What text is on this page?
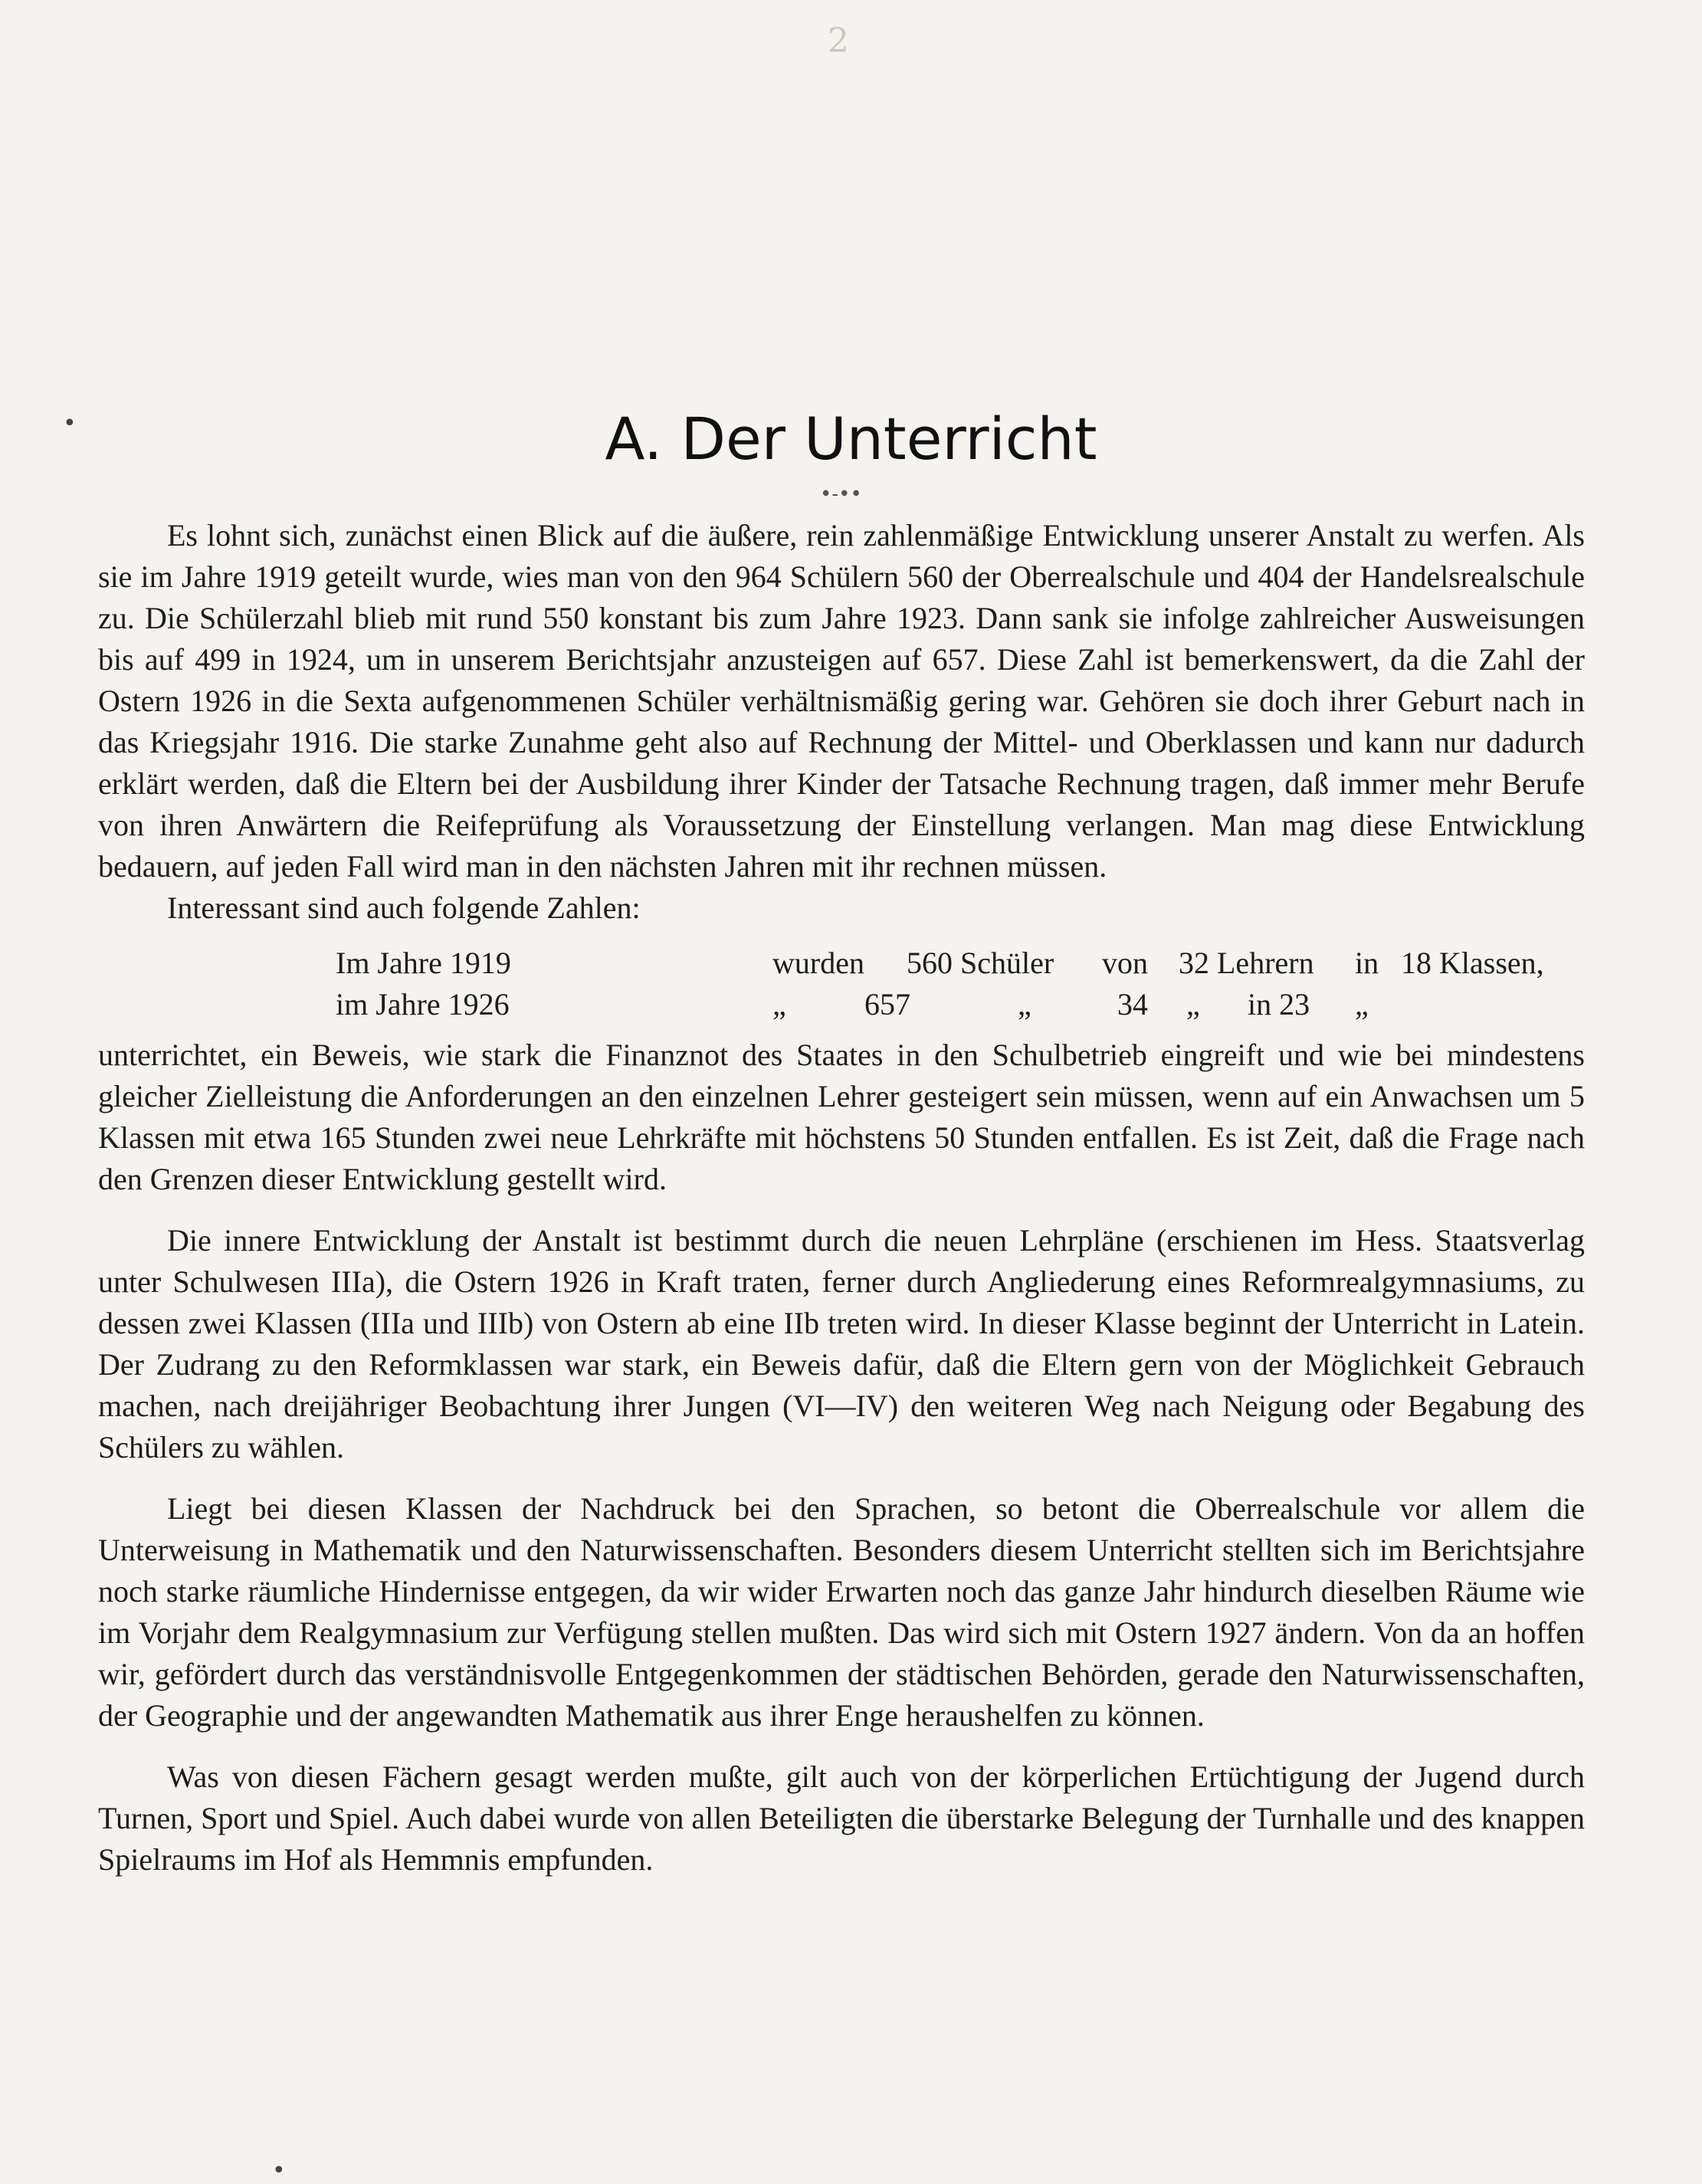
2
A. Der Unterricht
•-••

Es lohnt sich, zunächst einen Blick auf die äußere, rein zahlenmäßige Entwicklung unserer Anstalt zu werfen. Als sie im Jahre 1919 geteilt wurde, wies man von den 964 Schülern 560 der Oberrealschule und 404 der Handelsrealschule zu. Die Schülerzahl blieb mit rund 550 konstant bis zum Jahre 1923. Dann sank sie infolge zahlreicher Ausweisungen bis auf 499 in 1924, um in unserem Berichtsjahr anzusteigen auf 657. Diese Zahl ist bemerkenswert, da die Zahl der Ostern 1926 in die Sexta aufgenommenen Schüler verhältnismäßig gering war. Gehören sie doch ihrer Geburt nach in das Kriegsjahr 1916. Die starke Zunahme geht also auf Rechnung der Mittel- und Oberklassen und kann nur dadurch erklärt werden, daß die Eltern bei der Ausbildung ihrer Kinder der Tatsache Rechnung tragen, daß immer mehr Berufe von ihren Anwärtern die Reifeprüfung als Voraussetzung der Einstellung verlangen. Man mag diese Entwicklung bedauern, auf jeden Fall wird man in den nächsten Jahren mit ihr rechnen müssen.

Interessant sind auch folgende Zahlen:

Im Jahre 1919	wurden	560 Schüler	von	32 Lehrern	in 18 Klassen,
im Jahre 1926	„	657	„	34	„	in 23	„

unterrichtet, ein Beweis, wie stark die Finanznot des Staates in den Schulbetrieb eingreift und wie bei mindestens gleicher Zielleistung die Anforderungen an den einzelnen Lehrer gesteigert sein müssen, wenn auf ein Anwachsen um 5 Klassen mit etwa 165 Stunden zwei neue Lehrkräfte mit höchstens 50 Stunden entfallen. Es ist Zeit, daß die Frage nach den Grenzen dieser Entwicklung gestellt wird.

Die innere Entwicklung der Anstalt ist bestimmt durch die neuen Lehrpläne (erschienen im Hess. Staatsverlag unter Schulwesen IIIa), die Ostern 1926 in Kraft traten, ferner durch Angliederung eines Reformrealgymnasiums, zu dessen zwei Klassen (IIIa und IIIb) von Ostern ab eine IIb treten wird. In dieser Klasse beginnt der Unterricht in Latein. Der Zudrang zu den Reformklassen war stark, ein Beweis dafür, daß die Eltern gern von der Möglichkeit Gebrauch machen, nach dreijähriger Beobachtung ihrer Jungen (VI—IV) den weiteren Weg nach Neigung oder Begabung des Schülers zu wählen.

Liegt bei diesen Klassen der Nachdruck bei den Sprachen, so betont die Oberrealschule vor allem die Unterweisung in Mathematik und den Naturwissenschaften. Besonders diesem Unterricht stellten sich im Berichtsjahre noch starke räumliche Hindernisse entgegen, da wir wider Erwarten noch das ganze Jahr hindurch dieselben Räume wie im Vorjahr dem Realgymnasium zur Verfügung stellen mußten. Das wird sich mit Ostern 1927 ändern. Von da an hoffen wir, gefördert durch das verständnisvolle Entgegenkommen der städtischen Behörden, gerade den Naturwissenschaften, der Geographie und der angewandten Mathematik aus ihrer Enge heraushelfen zu können.

Was von diesen Fächern gesagt werden mußte, gilt auch von der körperlichen Ertüchtigung der Jugend durch Turnen, Sport und Spiel. Auch dabei wurde von allen Beteiligten die überstarke Belegung der Turnhalle und des knappen Spielraums im Hof als Hemmnis empfunden.

•
•
